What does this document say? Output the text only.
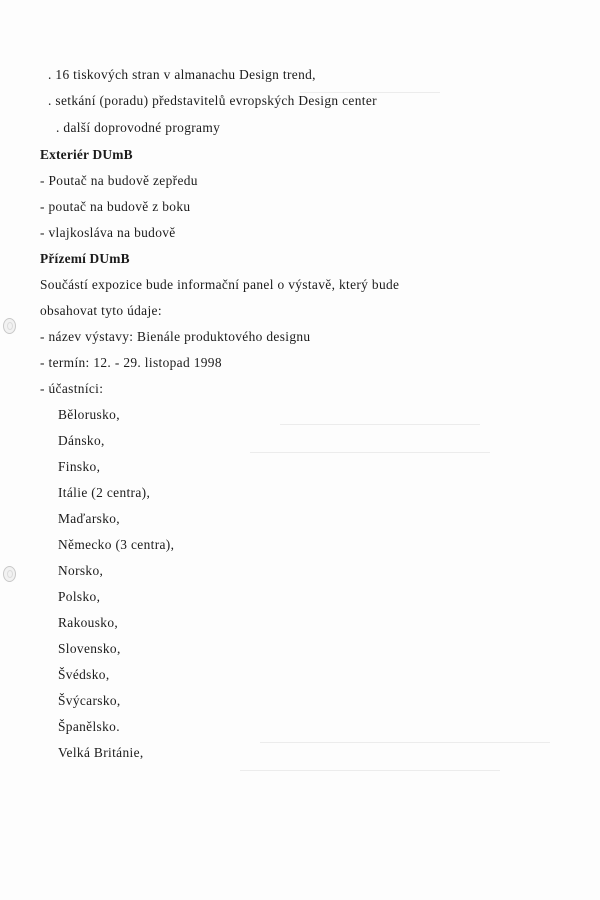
. 16 tiskových stran v almanachu Design trend,
. setkání (poradu) představitelů evropských Design center
. další doprovodné programy
Exteriér DUmB
- Poutač na budově zepředu
- poutač na budově z boku
- vlajkosláva na budově
Přízemí DUmB
Součástí expozice bude informační panel o výstavě, který bude
obsahovat tyto údaje:
- název výstavy: Bienále produktového designu
- termín: 12. - 29. listopad 1998
- účastníci:
Bělorusko,
Dánsko,
Finsko,
Itálie (2 centra),
Maďarsko,
Německo (3 centra),
Norsko,
Polsko,
Rakousko,
Slovensko,
Švédsko,
Švýcarsko,
Španělsko.
Velká Británie,
